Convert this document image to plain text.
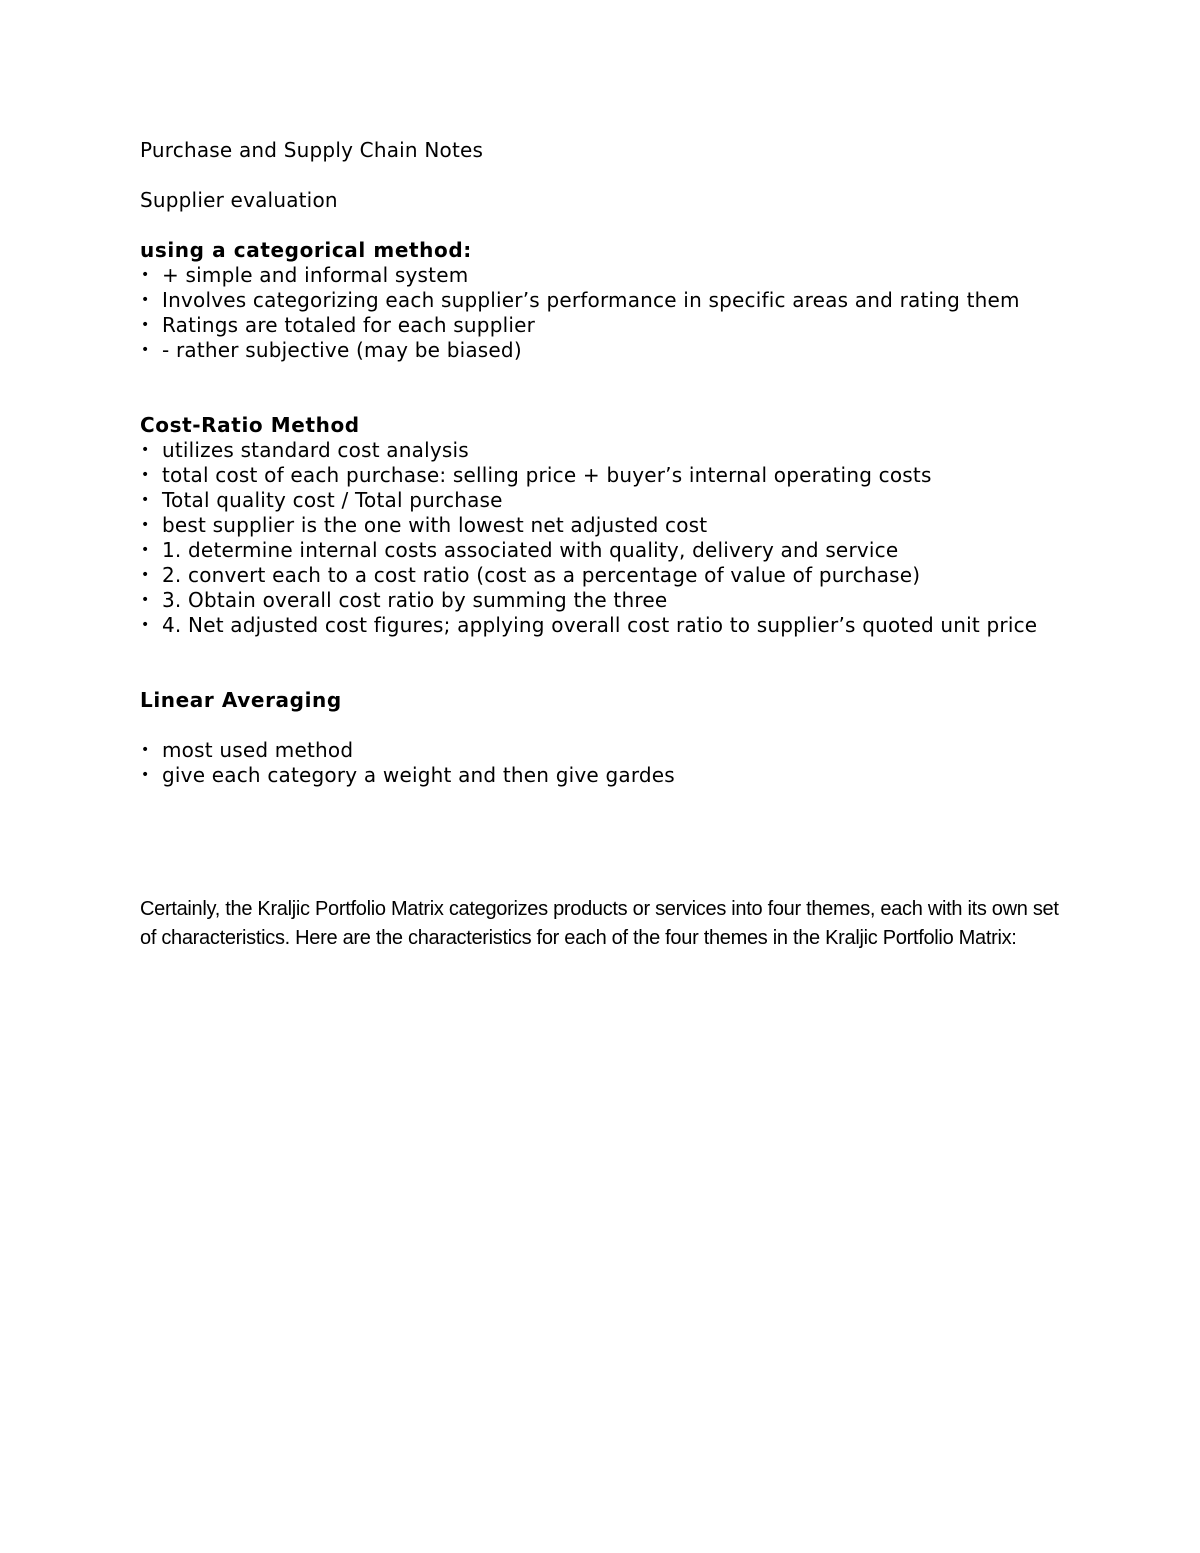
Purchase and Supply Chain Notes

Supplier evaluation

using a categorical method:

• + simple and informal system
• Involves categorizing each supplier’s performance in specific areas and rating them
• Ratings are totaled for each supplier
• - rather subjective (may be biased)

Cost-Ratio Method

• utilizes standard cost analysis
• total cost of each purchase: selling price + buyer’s internal operating costs
• Total quality cost / Total purchase
• best supplier is the one with lowest net adjusted cost
• 1. determine internal costs associated with quality, delivery and service
• 2. convert each to a cost ratio (cost as a percentage of value of purchase)
• 3. Obtain overall cost ratio by summing the three
• 4. Net adjusted cost figures; applying overall cost ratio to supplier’s quoted unit price

Linear Averaging

• most used method
• give each category a weight and then give gardes

Certainly, the Kraljic Portfolio Matrix categorizes products or services into four themes, each with its own set of characteristics. Here are the characteristics for each of the four themes in the Kraljic Portfolio Matrix:
